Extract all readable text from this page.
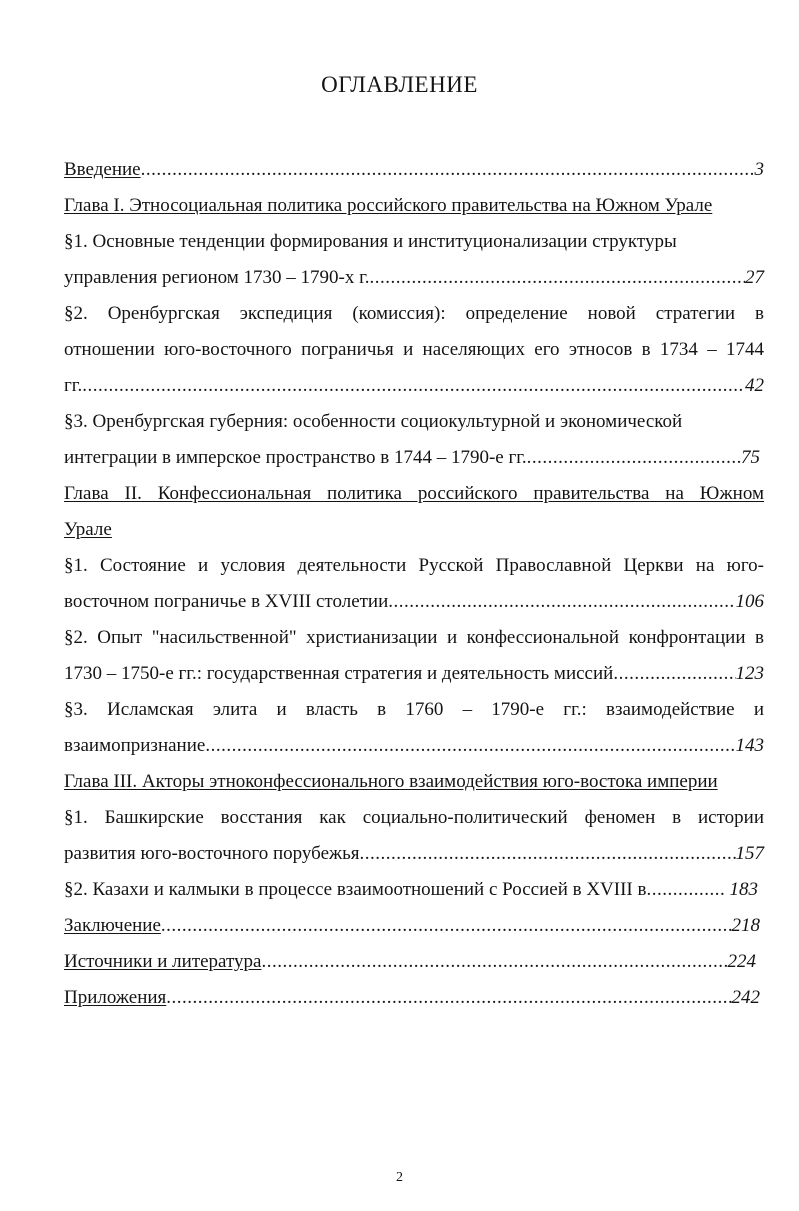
ОГЛАВЛЕНИЕ
Введение .....	3
Глава I. Этносоциальная политика российского правительства на Южном Урале
§1. Основные тенденции формирования и институционализации структуры
управления регионом 1730 – 1790-х г. .....	27
§2. Оренбургская экспедиция (комиссия): определение новой стратегии в
отношении юго-восточного пограничья и населяющих его этносов в 1734 – 1744
гг. .....	42
§3. Оренбургская губерния: особенности социокультурной и экономической
интеграции в имперское пространство в 1744 – 1790-е гг. .....	75
Глава II. Конфессиональная политика российского правительства на Южном
Урале
§1. Состояние и условия деятельности Русской Православной Церкви на юго-
восточном пограничье в XVIII столетии .....	106
§2. Опыт "насильственной" христианизации и конфессиональной конфронтации в
1730 – 1750-е гг.: государственная стратегия и деятельность миссий .....	123
§3. Исламская элита и власть в 1760 – 1790-е гг.: взаимодействие и
взаимопризнание .....	143
Глава III. Акторы этноконфессионального взаимодействия юго-востока империи
§1. Башкирские восстания как социально-политический феномен в истории
развития юго-восточного порубежья .....	157
§2. Казахи и калмыки в процессе взаимоотношений с Россией в XVIII в .....	183
Заключение .....	218
Источники и литература .....	224
Приложения .....	242
2
